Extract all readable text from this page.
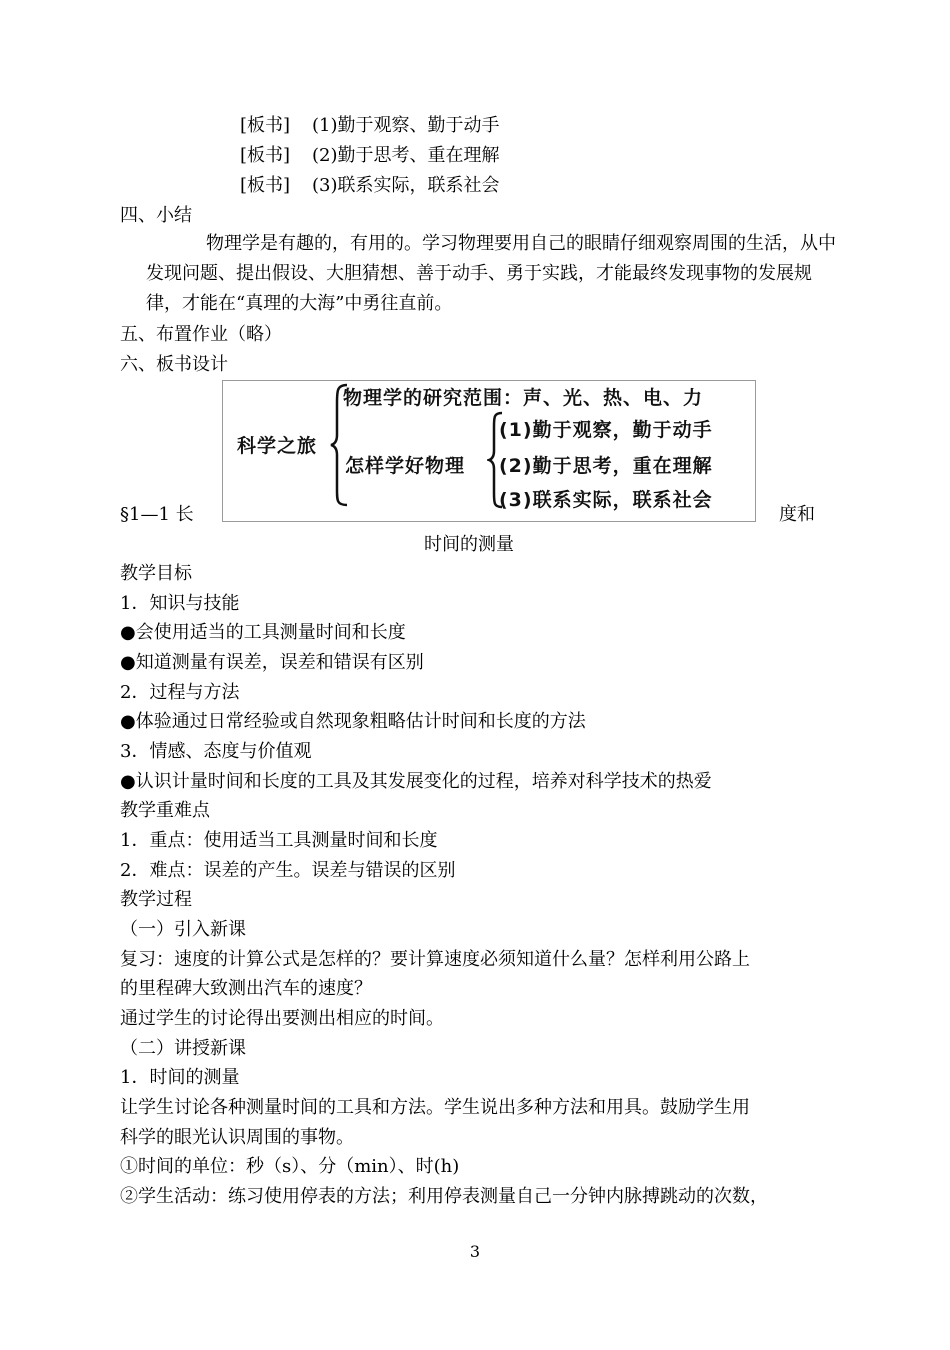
[板书] (1)勤于观察、勤于动手
[板书] (2)勤于思考、重在理解
[板书] (3)联系实际，联系社会
四、小结
物理学是有趣的，有用的。学习物理要用自己的眼睛仔细观察周围的生活，从中发现问题、提出假设、大胆猜想、善于动手、勇于实践，才能最终发现事物的发展规律，才能在“真理的大海”中勇往直前。
五、布置作业（略）
六、板书设计
科学之旅
物理学的研究范围：声、光、热、电、力
怎样学好物理
(1)勤于观察，勤于动手
(2)勤于思考，重在理解
(3)联系实际，联系社会
§1—1 长	度和
时间的测量
教学目标
1．知识与技能
●会使用适当的工具测量时间和长度
●知道测量有误差，误差和错误有区别
2．过程与方法
●体验通过日常经验或自然现象粗略估计时间和长度的方法
3．情感、态度与价值观
●认识计量时间和长度的工具及其发展变化的过程，培养对科学技术的热爱
教学重难点
1．重点：使用适当工具测量时间和长度
2．难点：误差的产生。误差与错误的区别
教学过程
（一）引入新课
复习：速度的计算公式是怎样的？要计算速度必须知道什么量？怎样利用公路上
的里程碑大致测出汽车的速度？
通过学生的讨论得出要测出相应的时间。
（二）讲授新课
1．时间的测量
让学生讨论各种测量时间的工具和方法。学生说出多种方法和用具。鼓励学生用
科学的眼光认识周围的事物。
①时间的单位：秒（s）、分（min）、时(h)
②学生活动：练习使用停表的方法；利用停表测量自己一分钟内脉搏跳动的次数，
3
